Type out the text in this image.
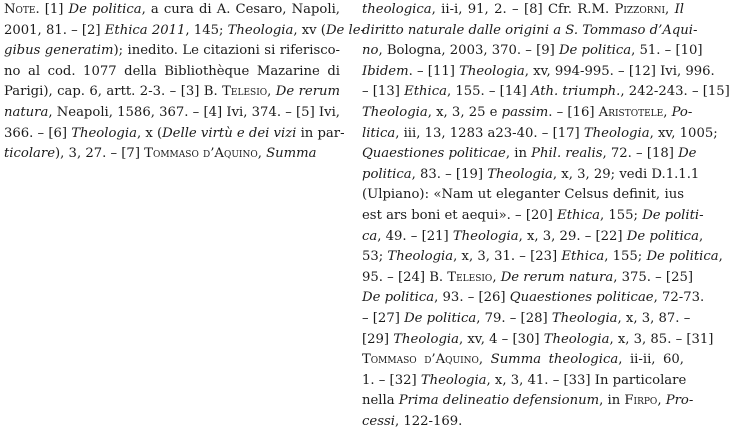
Note. [1] De politica, a cura di A. Cesaro, Napoli,
2001, 81. – [2] Ethica 2011, 145; Theologia, xv (De le-
gibus generatim); inedito. Le citazioni si riferisco-
no al cod. 1077 della Bibliothèque Mazarine di
Parigi), cap. 6, artt. 2-3. – [3] B. Telesio, De rerum
natura, Neapoli, 1586, 367. – [4] Ivi, 374. – [5] Ivi,
366. – [6] Theologia, x (Delle virtù e dei vizi in par-
ticolare), 3, 27. – [7] Tommaso d’Aquino, Summa
theologica, ii-i, 91, 2. – [8] Cfr. R.M. Pizzorni, Il
diritto naturale dalle origini a S. Tommaso d’Aqui-
no, Bologna, 2003, 370. – [9] De politica, 51. – [10]
Ibidem. – [11] Theologia, xv, 994-995. – [12] Ivi, 996.
– [13] Ethica, 155. – [14] Ath. triumph., 242-243. – [15]
Theologia, x, 3, 25 e passim. – [16] Aristotele, Po-
litica, iii, 13, 1283 a23-40. – [17] Theologia, xv, 1005;
Quaestiones politicae, in Phil. realis, 72. – [18] De
politica, 83. – [19] Theologia, x, 3, 29; vedi D.1.1.1
(Ulpiano): «Nam ut eleganter Celsus definit, ius
est ars boni et aequi». – [20] Ethica, 155; De politi-
ca, 49. – [21] Theologia, x, 3, 29. – [22] De politica,
53; Theologia, x, 3, 31. – [23] Ethica, 155; De politica,
95. – [24] B. Telesio, De rerum natura, 375. – [25]
De politica, 93. – [26] Quaestiones politicae, 72-73.
– [27] De politica, 79. – [28] Theologia, x, 3, 87. –
[29] Theologia, xv, 4 – [30] Theologia, x, 3, 85. – [31]
Tommaso d’Aquino, Summa theologica, ii-ii, 60,
1. – [32] Theologia, x, 3, 41. – [33] In particolare
nella Prima delineatio defensionum, in Firpo, Pro-
cessi, 122-169.
